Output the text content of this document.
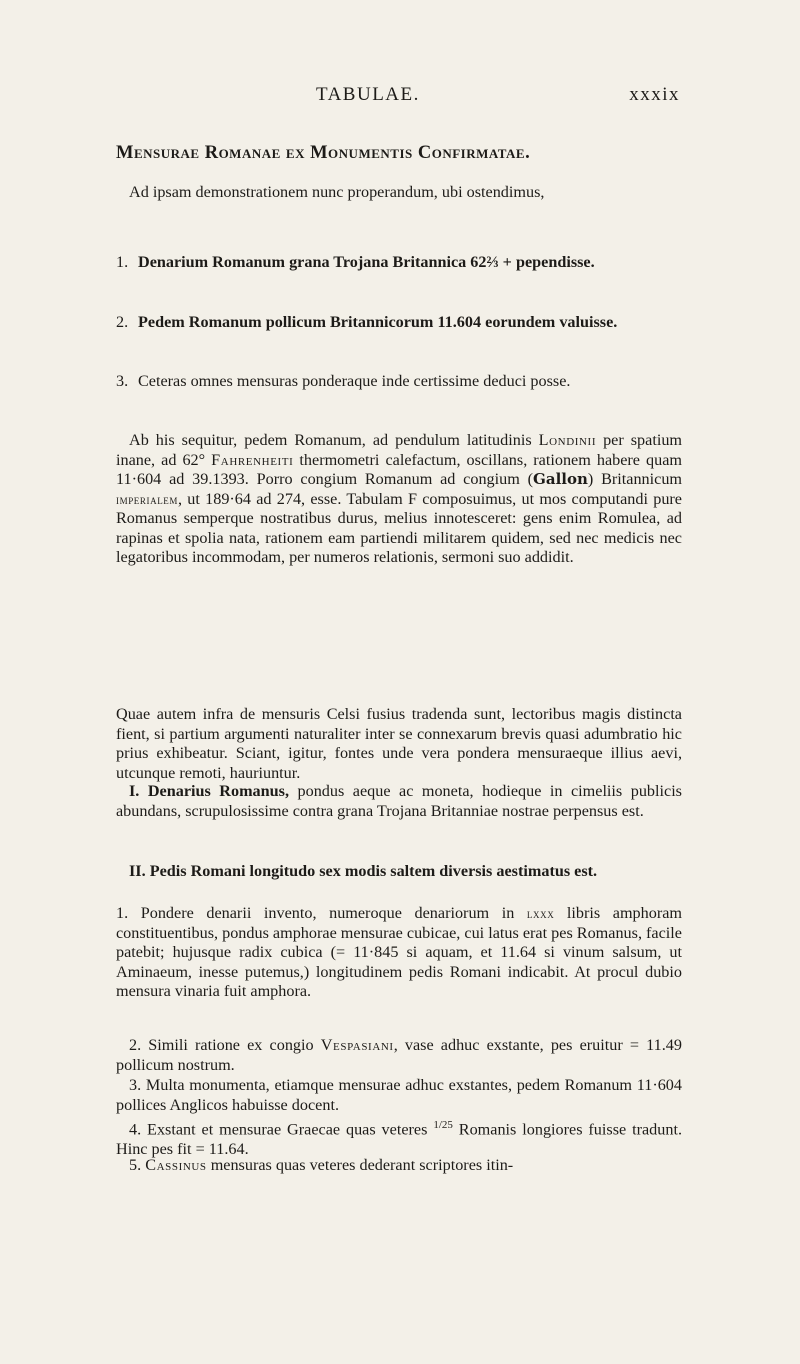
TABULAE.	xxxix
Mensurae Romanae ex Monumentis Confirmatae.
Ad ipsam demonstrationem nunc properandum, ubi ostendimus,
1. Denarium Romanum grana Trojana Britannica 62⅔ + pependisse.
2. Pedem Romanum pollicum Britannicorum 11.604 eorundem valuisse.
3. Ceteras omnes mensuras ponderaque inde certissime deduci posse.
Ab his sequitur, pedem Romanum, ad pendulum latitudinis Londinii per spatium inane, ad 62° Fahrenheiti thermometri calefactum, oscillans, rationem habere quam 11·604 ad 39.1393. Porro congium Romanum ad congium (Gallon) Britannicum imperialem, ut 189·64 ad 274, esse. Tabulam F composuimus, ut mos computandi pure Romanus semperque nostratibus durus, melius innotesceret: gens enim Romulea, ad rapinas et spolia nata, rationem eam partiendi militarem quidem, sed nec medicis nec legatoribus incommodam, per numeros relationis, sermoni suo addidit.
Quae autem infra de mensuris Celsi fusius tradenda sunt, lectoribus magis distincta fient, si partium argumenti naturaliter inter se connexarum brevis quasi adumbratio hic prius exhibeatur. Sciant, igitur, fontes unde vera pondera mensuraeque illius aevi, utcunque remoti, hauriuntur.
I. Denarius Romanus, pondus aeque ac moneta, hodieque in cimeliis publicis abundans, scrupulosissime contra grana Trojana Britanniae nostrae perpensus est.
II. Pedis Romani longitudo sex modis saltem diversis aestimatus est.
1. Pondere denarii invento, numeroque denariorum in lxxx libris amphoram constituentibus, pondus amphorae mensurae cubicae, cui latus erat pes Romanus, facile patebit; hujusque radix cubica (= 11·845 si aquam, et 11.64 si vinum salsum, ut Aminaeum, inesse putemus,) longitudinem pedis Romani indicabit. At procul dubio mensura vinaria fuit amphora.
2. Simili ratione ex congio Vespasiani, vase adhuc exstante, pes eruitur = 11.49 pollicum nostrum.
3. Multa monumenta, etiamque mensurae adhuc exstantes, pedem Romanum 11·604 pollices Anglicos habuisse docent.
4. Exstant et mensurae Graecae quas veteres $^{1/25}$ Romanis longiores fuisse tradunt. Hinc pes fit = 11.64.
5. Cassinus mensuras quas veteres dederant scriptores itin-
